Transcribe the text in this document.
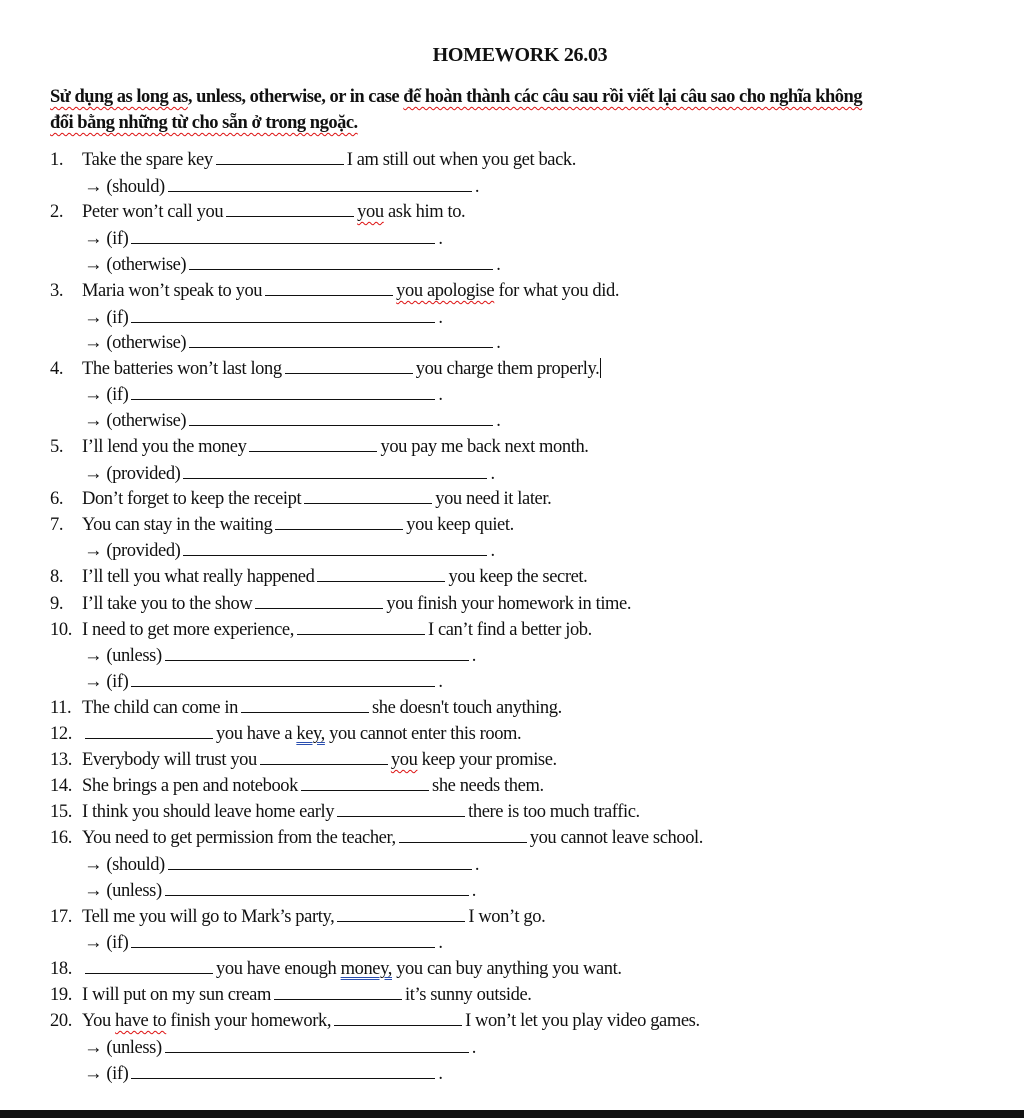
HOMEWORK 26.03
Sử dụng as long as, unless, otherwise, or in case để hoàn thành các câu sau rồi viết lại câu sao cho nghĩa không
đổi bằng những từ cho sẵn ở trong ngoặc.
1. Take the spare key	I am still out when you get back.
→ (should)	.
2. Peter won’t call you	you ask him to.
→ (if)	.
→ (otherwise)	.
3. Maria won’t speak to you	you apologise for what you did.
→ (if)	.
→ (otherwise)	.
4. The batteries won’t last long	you charge them properly.
→ (if)	.
→ (otherwise)	.
5. I’ll lend you the money	you pay me back next month.
→ (provided)	.
6. Don’t forget to keep the receipt	you need it later.
7. You can stay in the waiting	you keep quiet.
→ (provided)	.
8. I’ll tell you what really happened	you keep the secret.
9. I’ll take you to the show	you finish your homework in time.
10. I need to get more experience,	I can’t find a better job.
→ (unless)	.
→ (if)	.
11. The child can come in	she doesn't touch anything.
12.	you have a key, you cannot enter this room.
13. Everybody will trust you	you keep your promise.
14. She brings a pen and notebook	she needs them.
15. I think you should leave home early	there is too much traffic.
16. You need to get permission from the teacher,	you cannot leave school.
→ (should)	.
→ (unless)	.
17. Tell me you will go to Mark’s party,	I won’t go.
→ (if)	.
18.	you have enough money, you can buy anything you want.
19. I will put on my sun cream	it’s sunny outside.
20. You have to finish your homework,	I won’t let you play video games.
→ (unless)	.
→ (if)	.
